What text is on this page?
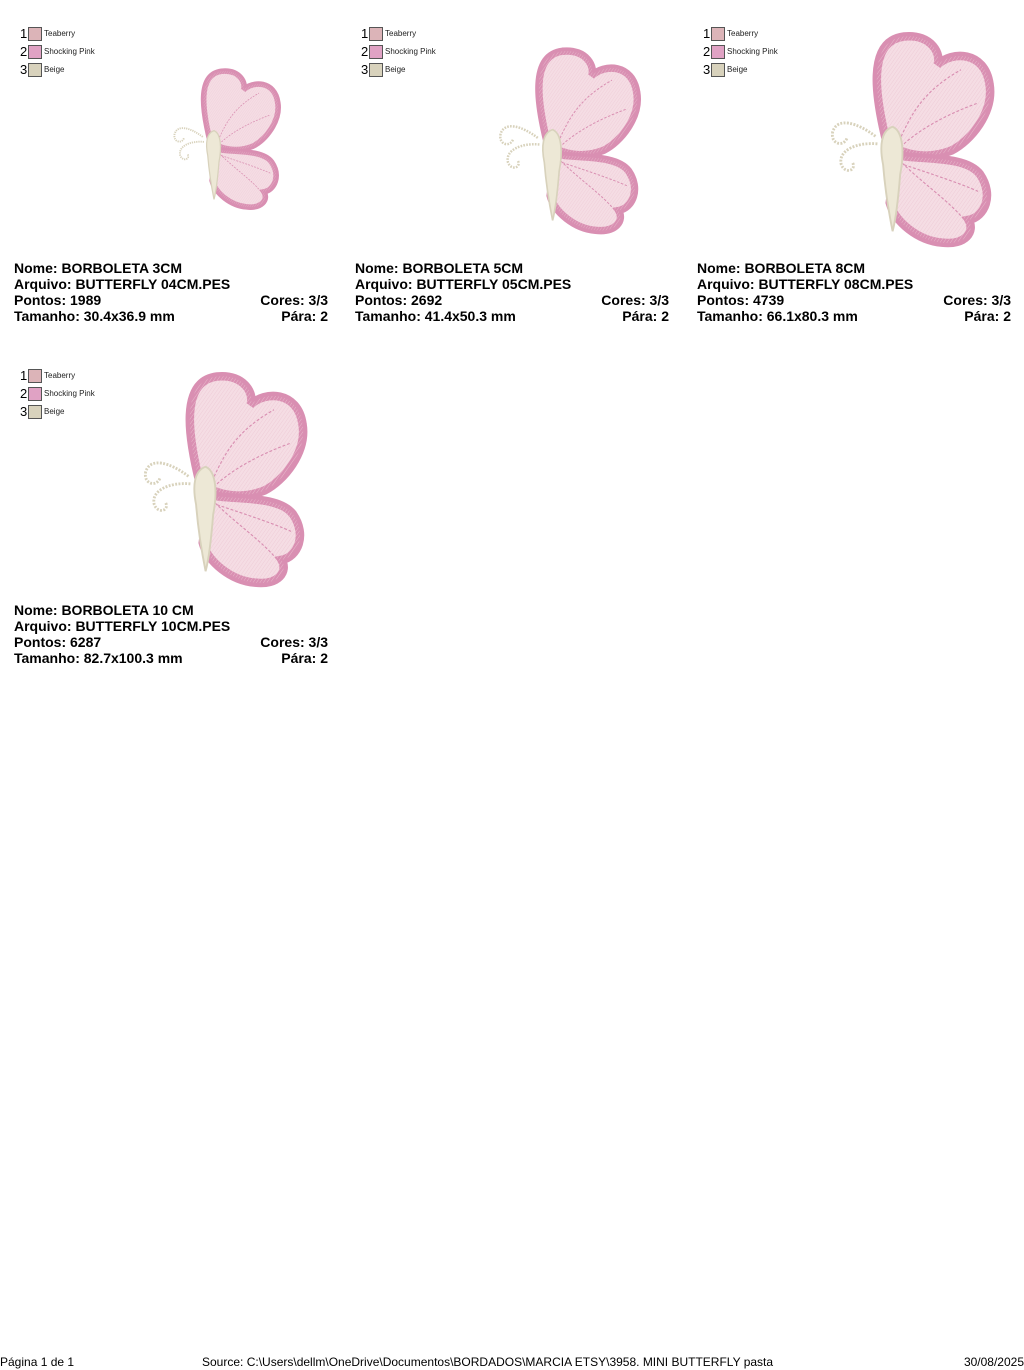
1 Teaberry
2 Shocking Pink
3 Beige
Nome: BORBOLETA 3CM
Arquivo: BUTTERFLY 04CM.PES
Pontos: 1989	Cores: 3/3
Tamanho: 30.4x36.9 mm	Pára: 2
1 Teaberry
2 Shocking Pink
3 Beige
Nome: BORBOLETA 5CM
Arquivo: BUTTERFLY 05CM.PES
Pontos: 2692	Cores: 3/3
Tamanho: 41.4x50.3 mm	Pára: 2
1 Teaberry
2 Shocking Pink
3 Beige
Nome: BORBOLETA 8CM
Arquivo: BUTTERFLY 08CM.PES
Pontos: 4739	Cores: 3/3
Tamanho: 66.1x80.3 mm	Pára: 2
1 Teaberry
2 Shocking Pink
3 Beige
Nome: BORBOLETA 10 CM
Arquivo: BUTTERFLY 10CM.PES
Pontos: 6287	Cores: 3/3
Tamanho: 82.7x100.3 mm	Pára: 2
Página 1 de 1	Source: C:\Users\dellm\OneDrive\Documentos\BORDADOS\MARCIA ETSY\3958. MINI BUTTERFLY pasta	30/08/2025
